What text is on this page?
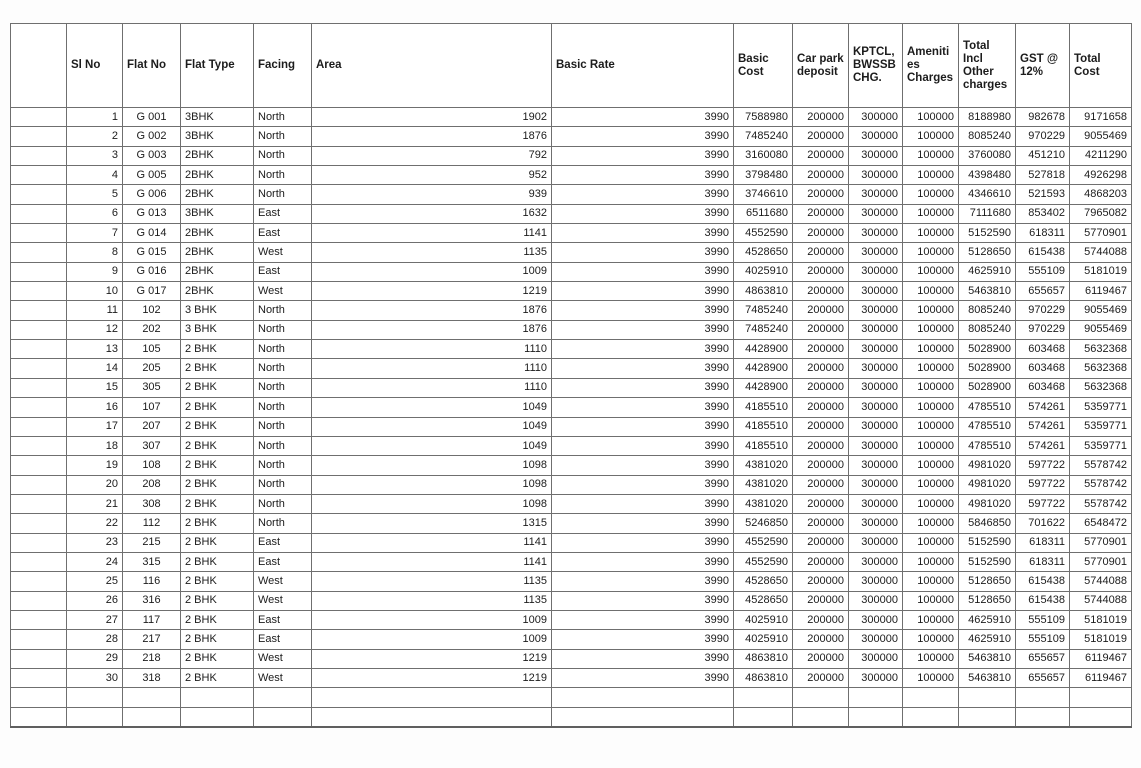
	Sl No	Flat No	Flat Type	Facing	Area	Basic Rate	Basic Cost	Car park deposit	KPTCL, BWSSB CHG.	Amenities Charges	Total Incl Other charges	GST @ 12%	Total Cost
	1	G 001	3BHK	North	1902	3990	7588980	200000	300000	100000	8188980	982678	9171658
	2	G 002	3BHK	North	1876	3990	7485240	200000	300000	100000	8085240	970229	9055469
	3	G 003	2BHK	North	792	3990	3160080	200000	300000	100000	3760080	451210	4211290
	4	G 005	2BHK	North	952	3990	3798480	200000	300000	100000	4398480	527818	4926298
	5	G 006	2BHK	North	939	3990	3746610	200000	300000	100000	4346610	521593	4868203
	6	G 013	3BHK	East	1632	3990	6511680	200000	300000	100000	7111680	853402	7965082
	7	G 014	2BHK	East	1141	3990	4552590	200000	300000	100000	5152590	618311	5770901
	8	G 015	2BHK	West	1135	3990	4528650	200000	300000	100000	5128650	615438	5744088
	9	G 016	2BHK	East	1009	3990	4025910	200000	300000	100000	4625910	555109	5181019
	10	G 017	2BHK	West	1219	3990	4863810	200000	300000	100000	5463810	655657	6119467
	11	102	3 BHK	North	1876	3990	7485240	200000	300000	100000	8085240	970229	9055469
	12	202	3 BHK	North	1876	3990	7485240	200000	300000	100000	8085240	970229	9055469
	13	105	2 BHK	North	1110	3990	4428900	200000	300000	100000	5028900	603468	5632368
	14	205	2 BHK	North	1110	3990	4428900	200000	300000	100000	5028900	603468	5632368
	15	305	2 BHK	North	1110	3990	4428900	200000	300000	100000	5028900	603468	5632368
	16	107	2 BHK	North	1049	3990	4185510	200000	300000	100000	4785510	574261	5359771
	17	207	2 BHK	North	1049	3990	4185510	200000	300000	100000	4785510	574261	5359771
	18	307	2 BHK	North	1049	3990	4185510	200000	300000	100000	4785510	574261	5359771
	19	108	2 BHK	North	1098	3990	4381020	200000	300000	100000	4981020	597722	5578742
	20	208	2 BHK	North	1098	3990	4381020	200000	300000	100000	4981020	597722	5578742
	21	308	2 BHK	North	1098	3990	4381020	200000	300000	100000	4981020	597722	5578742
	22	112	2 BHK	North	1315	3990	5246850	200000	300000	100000	5846850	701622	6548472
	23	215	2 BHK	East	1141	3990	4552590	200000	300000	100000	5152590	618311	5770901
	24	315	2 BHK	East	1141	3990	4552590	200000	300000	100000	5152590	618311	5770901
	25	116	2 BHK	West	1135	3990	4528650	200000	300000	100000	5128650	615438	5744088
	26	316	2 BHK	West	1135	3990	4528650	200000	300000	100000	5128650	615438	5744088
	27	117	2 BHK	East	1009	3990	4025910	200000	300000	100000	4625910	555109	5181019
	28	217	2 BHK	East	1009	3990	4025910	200000	300000	100000	4625910	555109	5181019
	29	218	2 BHK	West	1219	3990	4863810	200000	300000	100000	5463810	655657	6119467
	30	318	2 BHK	West	1219	3990	4863810	200000	300000	100000	5463810	655657	6119467
